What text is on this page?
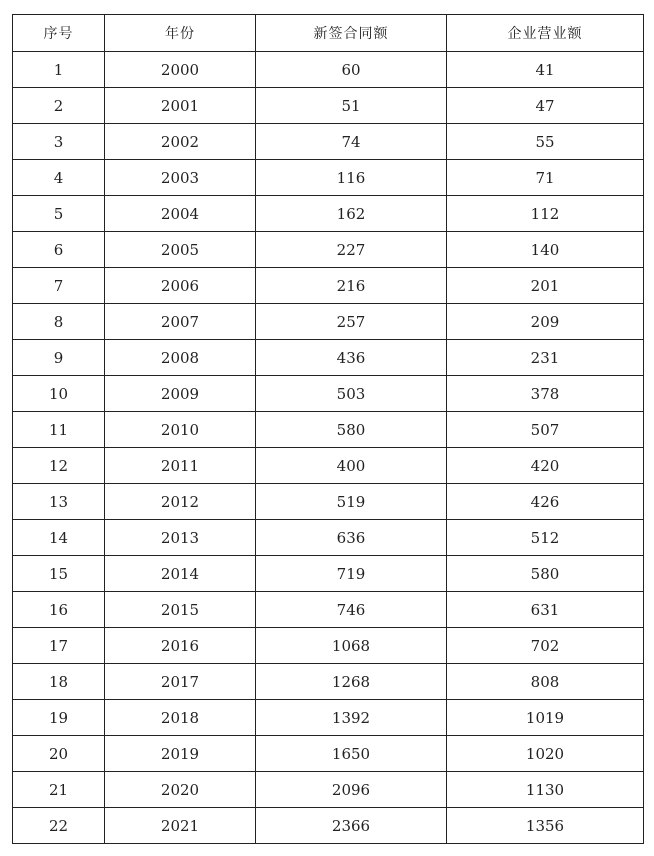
序号	年份	新签合同额	企业营业额
1	2000	60	41
2	2001	51	47
3	2002	74	55
4	2003	116	71
5	2004	162	112
6	2005	227	140
7	2006	216	201
8	2007	257	209
9	2008	436	231
10	2009	503	378
11	2010	580	507
12	2011	400	420
13	2012	519	426
14	2013	636	512
15	2014	719	580
16	2015	746	631
17	2016	1068	702
18	2017	1268	808
19	2018	1392	1019
20	2019	1650	1020
21	2020	2096	1130
22	2021	2366	1356
